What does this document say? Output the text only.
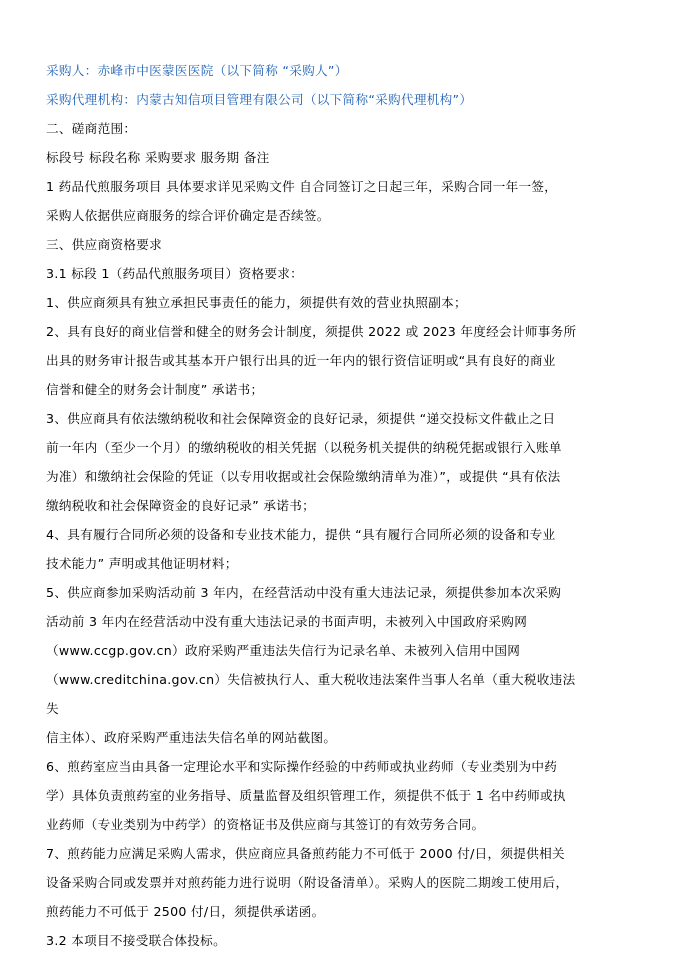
采购人：赤峰市中医蒙医医院（以下简称 “采购人”）

采购代理机构：内蒙古知信项目管理有限公司（以下简称“采购代理机构”）

二、磋商范围：

标段号 标段名称 采购要求 服务期 备注

1 药品代煎服务项目 具体要求详见采购文件 自合同签订之日起三年，采购合同一年一签，

采购人依据供应商服务的综合评价确定是否续签。

三、供应商资格要求

3.1 标段 1（药品代煎服务项目）资格要求：

1、供应商须具有独立承担民事责任的能力，须提供有效的营业执照副本；

2、具有良好的商业信誉和健全的财务会计制度，须提供 2022 或 2023 年度经会计师事务所

出具的财务审计报告或其基本开户银行出具的近一年内的银行资信证明或“具有良好的商业

信誉和健全的财务会计制度” 承诺书；

3、供应商具有依法缴纳税收和社会保障资金的良好记录，须提供 “递交投标文件截止之日

前一年内（至少一个月）的缴纳税收的相关凭据（以税务机关提供的纳税凭据或银行入账单

为准）和缴纳社会保险的凭证（以专用收据或社会保险缴纳清单为准）”，或提供 “具有依法

缴纳税收和社会保障资金的良好记录” 承诺书；

4、具有履行合同所必须的设备和专业技术能力，提供 “具有履行合同所必须的设备和专业

技术能力” 声明或其他证明材料；

5、供应商参加采购活动前 3 年内，在经营活动中没有重大违法记录，须提供参加本次采购

活动前 3 年内在经营活动中没有重大违法记录的书面声明，未被列入中国政府采购网

（www.ccgp.gov.cn）政府采购严重违法失信行为记录名单、未被列入信用中国网

（www.creditchina.gov.cn）失信被执行人、重大税收违法案件当事人名单（重大税收违法失

信主体）、政府采购严重违法失信名单的网站截图。

6、煎药室应当由具备一定理论水平和实际操作经验的中药师或执业药师（专业类别为中药

学）具体负责煎药室的业务指导、质量监督及组织管理工作，须提供不低于 1 名中药师或执

业药师（专业类别为中药学）的资格证书及供应商与其签订的有效劳务合同。

7、煎药能力应满足采购人需求，供应商应具备煎药能力不可低于 2000 付/日，须提供相关

设备采购合同或发票并对煎药能力进行说明（附设备清单）。采购人的医院二期竣工使用后，

煎药能力不可低于 2500 付/日，须提供承诺函。

3.2 本项目不接受联合体投标。
